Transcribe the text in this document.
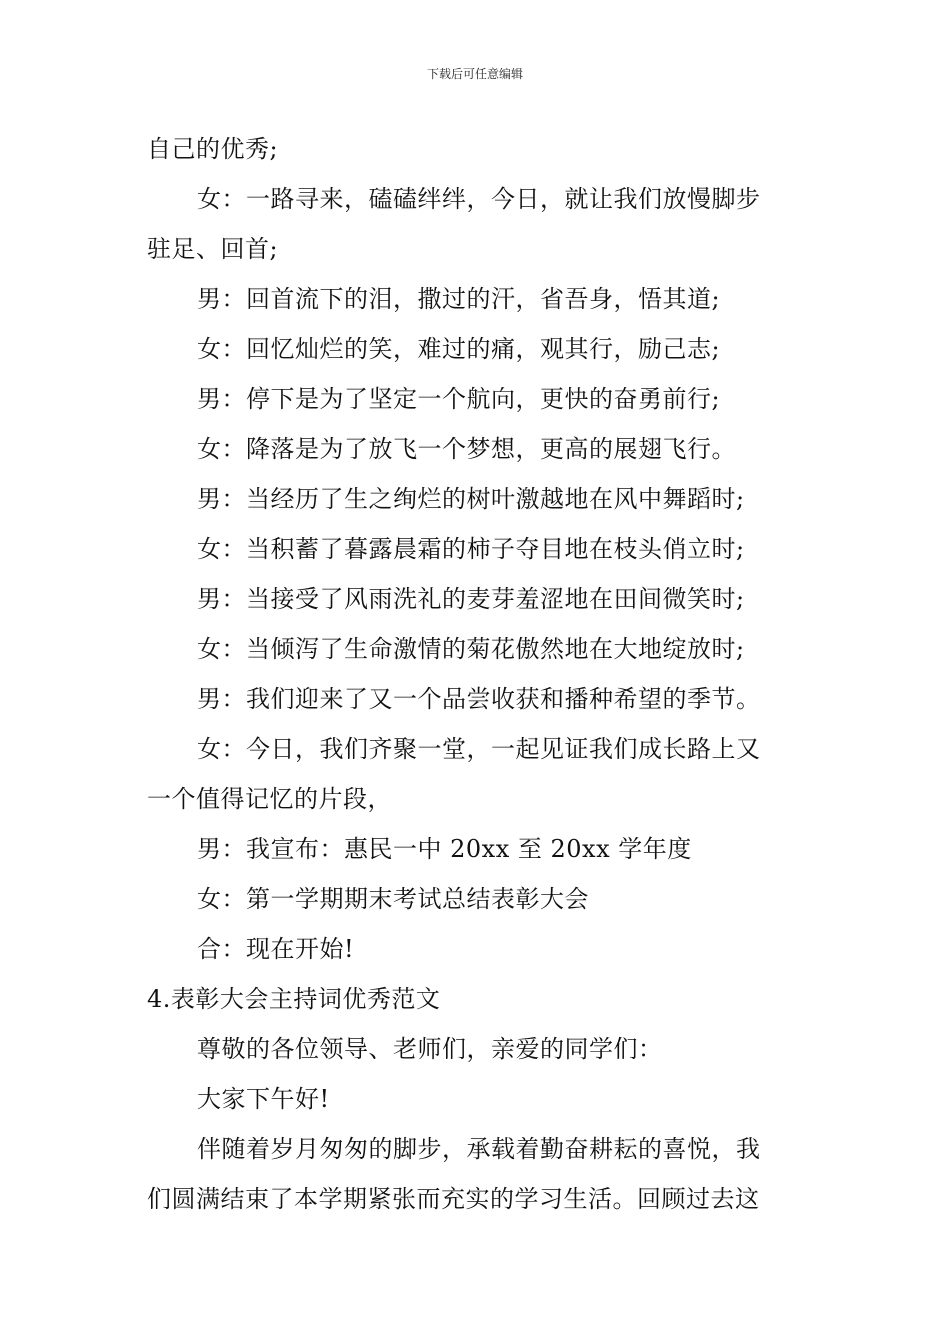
下载后可任意编辑
自己的优秀;
女：一路寻来，磕磕绊绊，今日，就让我们放慢脚步
驻足、回首;
男：回首流下的泪，撒过的汗，省吾身，悟其道;
女：回忆灿烂的笑，难过的痛，观其行，励己志;
男：停下是为了坚定一个航向，更快的奋勇前行;
女：降落是为了放飞一个梦想，更高的展翅飞行。
男：当经历了生之绚烂的树叶激越地在风中舞蹈时;
女：当积蓄了暮露晨霜的柿子夺目地在枝头俏立时;
男：当接受了风雨洗礼的麦芽羞涩地在田间微笑时;
女：当倾泻了生命激情的菊花傲然地在大地绽放时;
男：我们迎来了又一个品尝收获和播种希望的季节。
女：今日，我们齐聚一堂，一起见证我们成长路上又
一个值得记忆的片段，
男：我宣布：惠民一中 20xx 至 20xx 学年度
女：第一学期期末考试总结表彰大会
合：现在开始!
4.表彰大会主持词优秀范文
尊敬的各位领导、老师们，亲爱的同学们：
大家下午好!
伴随着岁月匆匆的脚步，承载着勤奋耕耘的喜悦，我
们圆满结束了本学期紧张而充实的学习生活。回顾过去这
